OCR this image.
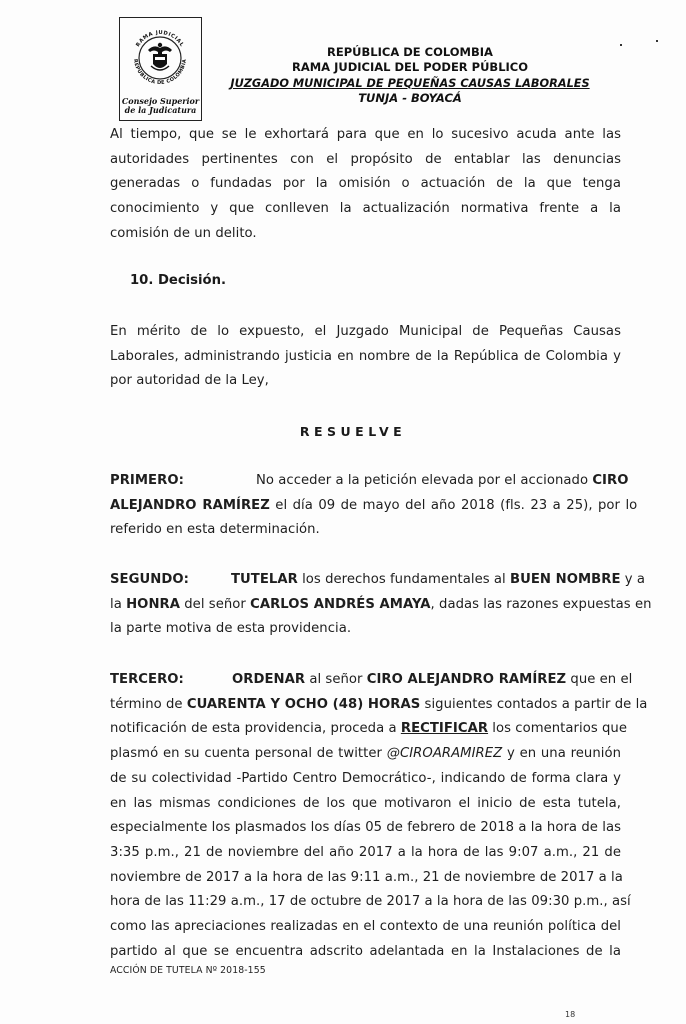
RAMA JUDICIAL
REPÚBLICA DE COLOMBIA
Consejo Superior
de la Judicatura
REPÚBLICA DE COLOMBIA
RAMA JUDICIAL DEL PODER PÚBLICO
JUZGADO MUNICIPAL DE PEQUEÑAS CAUSAS LABORALES
TUNJA - BOYACÁ
Al tiempo, que se le exhortará para que en lo sucesivo acuda ante las
autoridades pertinentes con el propósito de entablar las denuncias
generadas o fundadas por la omisión o actuación de la que tenga
conocimiento y que conlleven la actualización normativa frente a la
comisión de un delito.
10. Decisión.
En mérito de lo expuesto, el Juzgado Municipal de Pequeñas Causas
Laborales, administrando justicia en nombre de la República de Colombia y
por autoridad de la Ley,
RESUELVE
PRIMERO:	No acceder a la petición elevada por el accionado CIRO
ALEJANDRO RAMÍREZ el día 09 de mayo del año 2018 (fls. 23 a 25), por lo
referido en esta determinación.
SEGUNDO:	TUTELAR los derechos fundamentales al BUEN NOMBRE y a
la HONRA del señor CARLOS ANDRÉS AMAYA, dadas las razones expuestas en
la parte motiva de esta providencia.
TERCERO:	ORDENAR al señor CIRO ALEJANDRO RAMÍREZ que en el
término de CUARENTA Y OCHO (48) HORAS siguientes contados a partir de la
notificación de esta providencia, proceda a RECTIFICAR los comentarios que
plasmó en su cuenta personal de twitter @CIROARAMIREZ y en una reunión
de su colectividad -Partido Centro Democrático-, indicando de forma clara y
en las mismas condiciones de los que motivaron el inicio de esta tutela,
especialmente los plasmados los días 05 de febrero de 2018 a la hora de las
3:35 p.m., 21 de noviembre del año 2017 a la hora de las 9:07 a.m., 21 de
noviembre de 2017 a la hora de las 9:11 a.m., 21 de noviembre de 2017 a la
hora de las 11:29 a.m., 17 de octubre de 2017 a la hora de las 09:30 p.m., así
como las apreciaciones realizadas en el contexto de una reunión política del
partido al que se encuentra adscrito adelantada en la Instalaciones de la
ACCIÓN DE TUTELA Nº 2018-155
18
